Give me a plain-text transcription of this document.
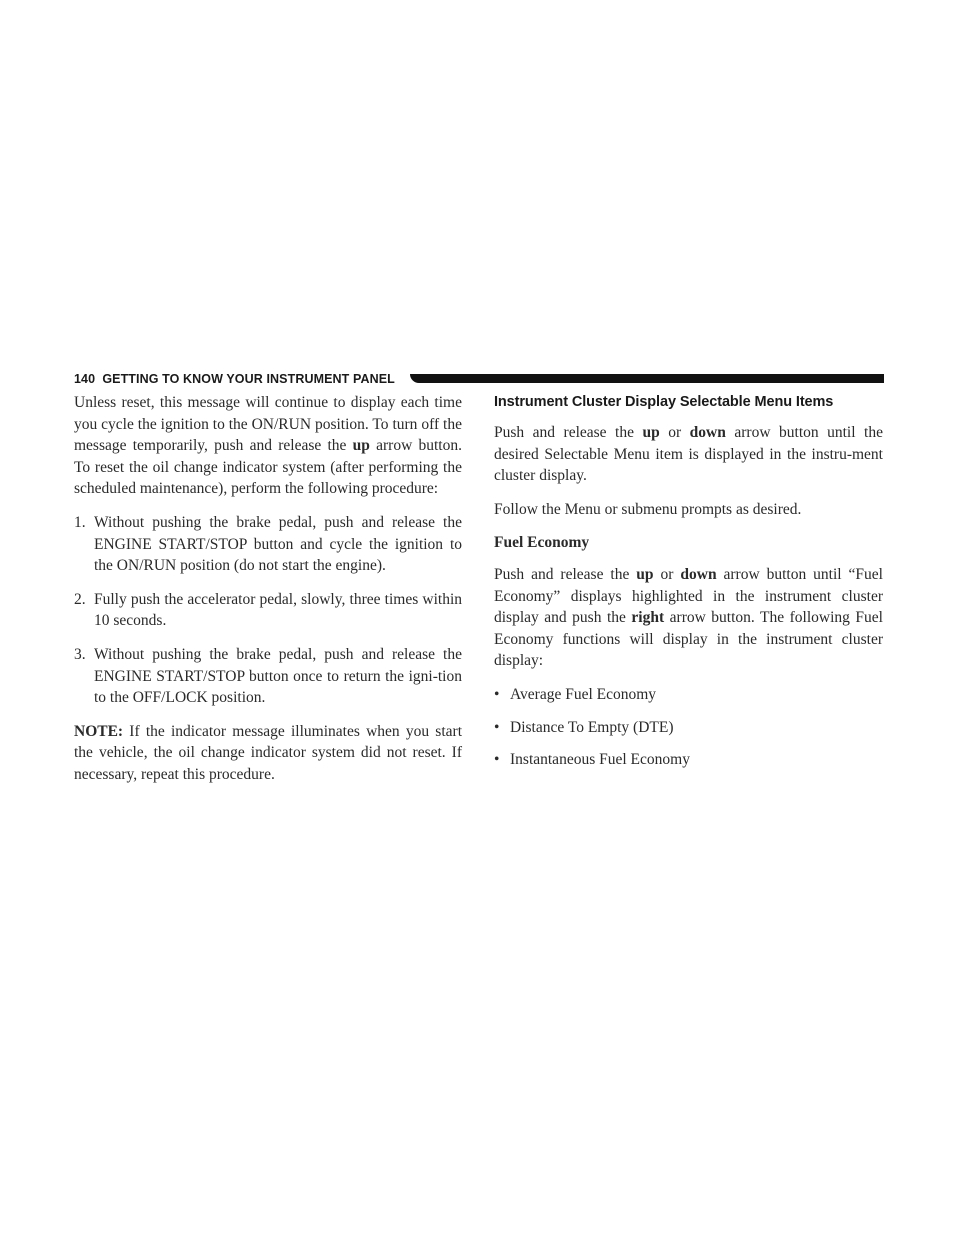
140 GETTING TO KNOW YOUR INSTRUMENT PANEL

Unless reset, this message will continue to display each time you cycle the ignition to the ON/RUN position. To turn off the message temporarily, push and release the up arrow button. To reset the oil change indicator system (after performing the scheduled maintenance), perform the following procedure:

1. Without pushing the brake pedal, push and release the ENGINE START/STOP button and cycle the ignition to the ON/RUN position (do not start the engine).
2. Fully push the accelerator pedal, slowly, three times within 10 seconds.
3. Without pushing the brake pedal, push and release the ENGINE START/STOP button once to return the igni-tion to the OFF/LOCK position.

NOTE: If the indicator message illuminates when you start the vehicle, the oil change indicator system did not reset. If necessary, repeat this procedure.

Instrument Cluster Display Selectable Menu Items

Push and release the up or down arrow button until the desired Selectable Menu item is displayed in the instru-ment cluster display.

Follow the Menu or submenu prompts as desired.

Fuel Economy

Push and release the up or down arrow button until “Fuel Economy” displays highlighted in the instrument cluster display and push the right arrow button. The following Fuel Economy functions will display in the instrument cluster display:

• Average Fuel Economy
• Distance To Empty (DTE)
• Instantaneous Fuel Economy
